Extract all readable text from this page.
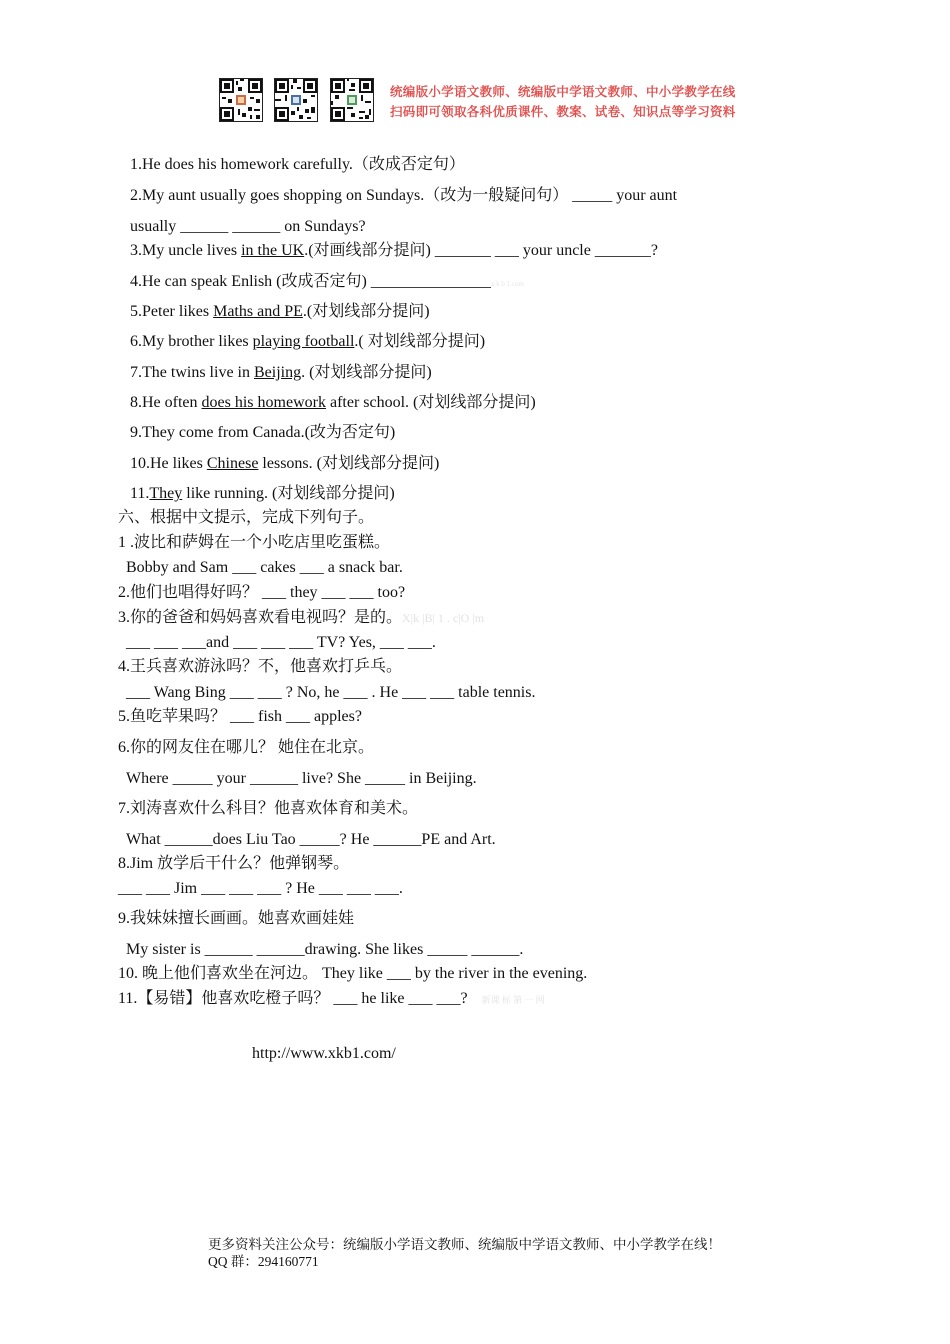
统编版小学语文教师、统编版中学语文教师、中小学教学在线
扫码即可领取各科优质课件、教案、试卷、知识点等学习资料
1.He does his homework carefully.（改成否定句）
2.My aunt usually goes shopping on Sundays.（改为一般疑问句） _____ your aunt
usually ______ ______ on Sundays?
3.My uncle lives in the UK.(对画线部分提问) _______ ___ your uncle _______?
4.He can speak Enlish (改成否定句) _______________x k b 1.com
5.Peter likes Maths and PE.(对划线部分提问)
6.My brother likes playing football.( 对划线部分提问)
7.The twins live in Beijing. (对划线部分提问)
8.He often does his homework after school. (对划线部分提问)
9.They come from Canada.(改为否定句)
10.He likes Chinese lessons. (对划线部分提问)
11.They like running. (对划线部分提问)
六、根据中文提示，完成下列句子。
1 .波比和萨姆在一个小吃店里吃蛋糕。
Bobby and Sam ___ cakes ___ a snack bar.
2.他们也唱得好吗？ ___ they ___ ___ too?
3.你的爸爸和妈妈喜欢看电视吗？是的。X|k |B| 1 . c|O |m
___ ___ ___and ___ ___ ___ TV? Yes, ___ ___.
4.王兵喜欢游泳吗？不，他喜欢打乒乓。
___ Wang Bing ___ ___ ? No, he ___ . He ___ ___ table tennis.
5.鱼吃苹果吗？ ___ fish ___ apples?
6.你的网友住在哪儿？ 她住在北京。
Where _____ your ______ live? She _____ in Beijing.
7.刘涛喜欢什么科目？他喜欢体育和美术。
What ______does Liu Tao _____? He ______PE and Art.
8.Jim 放学后干什么？他弹钢琴。
___ ___ Jim ___ ___ ___ ? He ___ ___ ___.
9.我妹妹擅长画画。她喜欢画娃娃
My sister is ______ ______drawing. She likes _____ ______.
10. 晚上他们喜欢坐在河边。 They like ___ by the river in the evening.
11.【易错】他喜欢吃橙子吗？ ___ he like ___ ___? 新课 标 第 一 网
http://www.xkb1.com/
更多资料关注公众号：统编版小学语文教师、统编版中学语文教师、中小学教学在线！
QQ 群：294160771
